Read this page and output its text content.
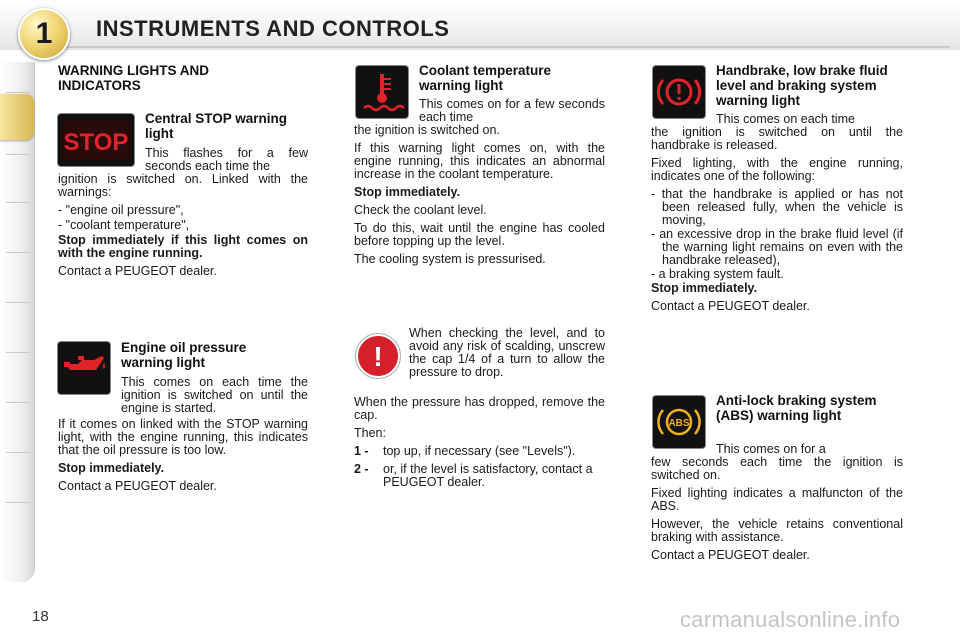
1	INSTRUMENTS AND CONTROLS
WARNING LIGHTS AND INDICATORS
STOP
Central STOP warning light

This flashes for a few seconds each time the

ignition is switched on. Linked with the warnings:

- "engine oil pressure",

- "coolant temperature",

Stop immediately if this light comes on with the engine running.

Contact a PEUGEOT dealer.

Engine oil pressure warning light

This comes on each time the ignition is switched on until the engine is started.

If it comes on linked with the STOP warning light, with the engine running, this indicates that the oil pressure is too low.

Stop immediately.

Contact a PEUGEOT dealer.

Coolant temperature warning light

This comes on for a few seconds each time

the ignition is switched on.

If this warning light comes on, with the engine running, this indicates an abnormal increase in the coolant temperature.

Stop immediately.

Check the coolant level.

To do this, wait until the engine has cooled before topping up the level.

The cooling system is pressurised.

!

When checking the level, and to avoid any risk of scalding, unscrew the cap 1/4 of a turn to allow the pressure to drop.

When the pressure has dropped, remove the cap.

Then:

1 -	top up, if necessary (see "Levels").
2 -	or, if the level is satisfactory, contact a PEUGEOT dealer.
Handbrake, low brake fluid level and braking system warning light

This comes on each time

the ignition is switched on until the handbrake is released.

Fixed lighting, with the engine running, indicates one of the following:

- that the handbrake is applied or has not been released fully, when the vehicle is moving,

- an excessive drop in the brake fluid level (if the warning light remains on even with the handbrake released),

- a braking system fault.

Stop immediately.

Contact a PEUGEOT dealer.

ABS
Anti-lock braking system (ABS) warning light

This comes on for a

few seconds each time the ignition is switched on.

Fixed lighting indicates a malfuncton of the ABS.

However, the vehicle retains conventional braking with assistance.

Contact a PEUGEOT dealer.

18	carmanualsonline.info
